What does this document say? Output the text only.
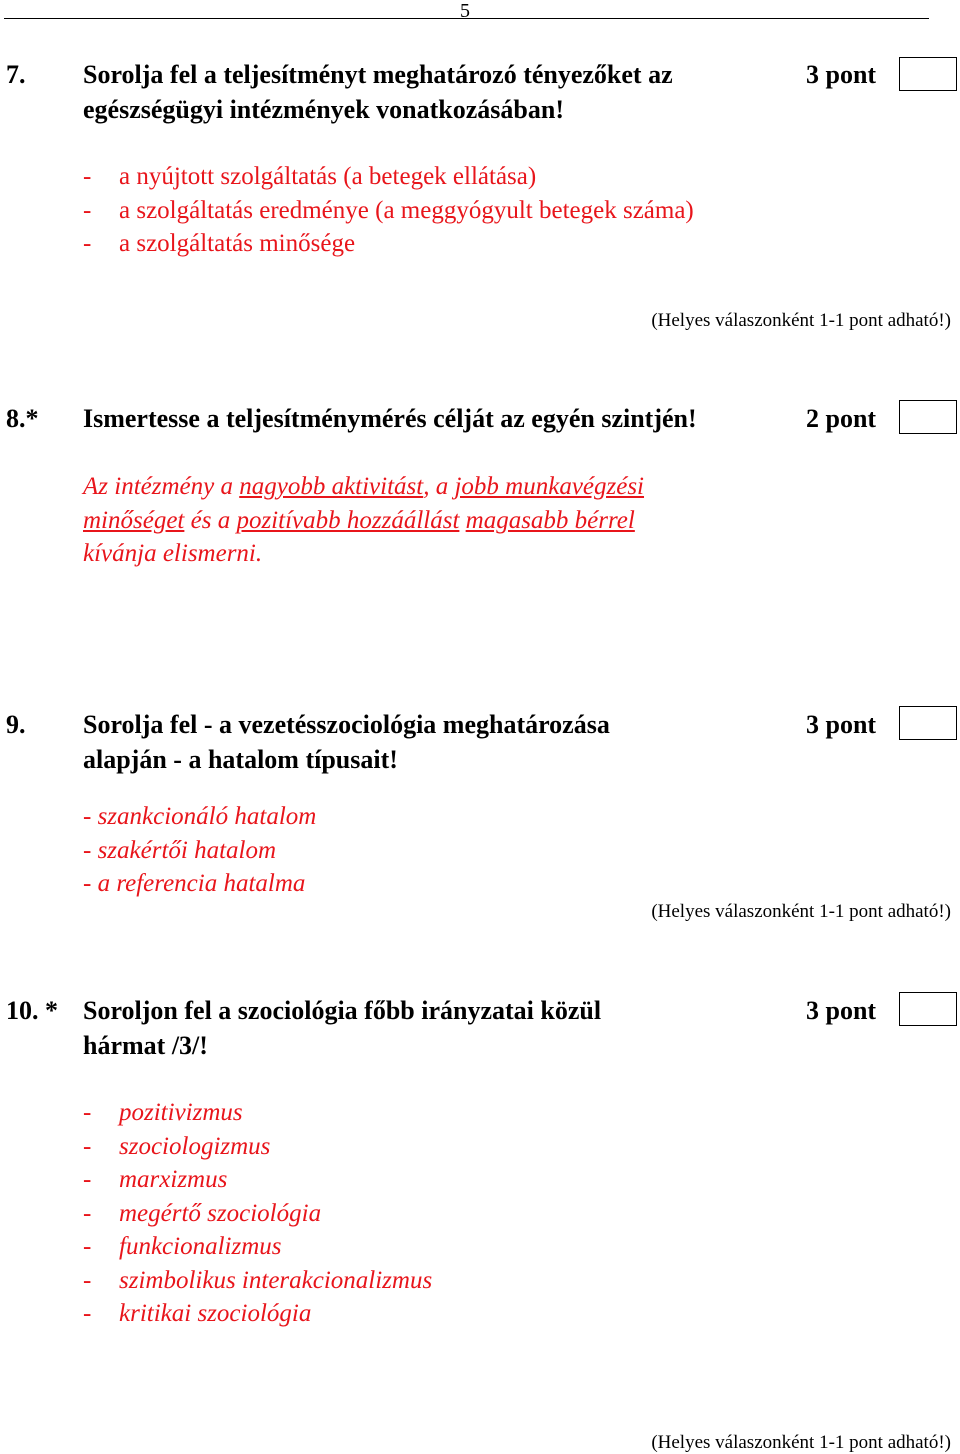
5
7. Sorolja fel a teljesítményt meghatározó tényezőket az
egészségügyi intézmények vonatkozásában!
3 pont
- a nyújtott szolgáltatás (a betegek ellátása)
- a szolgáltatás eredménye (a meggyógyult betegek száma)
- a szolgáltatás minősége
(Helyes válaszonként 1-1 pont adható!)
8.* Ismertesse a teljesítménymérés célját az egyén szintjén!	2 pont
Az intézmény a nagyobb aktivitást, a jobb munkavégzési
minőséget és a pozitívabb hozzáállást magasabb bérrel
kívánja elismerni.
9. Sorolja fel - a vezetésszociológia meghatározása
alapján - a hatalom típusait!
3 pont
- szankcionáló hatalom
- szakértői hatalom
- a referencia hatalma
(Helyes válaszonként 1-1 pont adható!)
10. * Soroljon fel a szociológia főbb irányzatai közül
hármat /3/!
3 pont
- pozitivizmus
- szociologizmus
- marxizmus
- megértő szociológia
- funkcionalizmus
- szimbolikus interakcionalizmus
- kritikai szociológia
(Helyes válaszonként 1-1 pont adható!)
